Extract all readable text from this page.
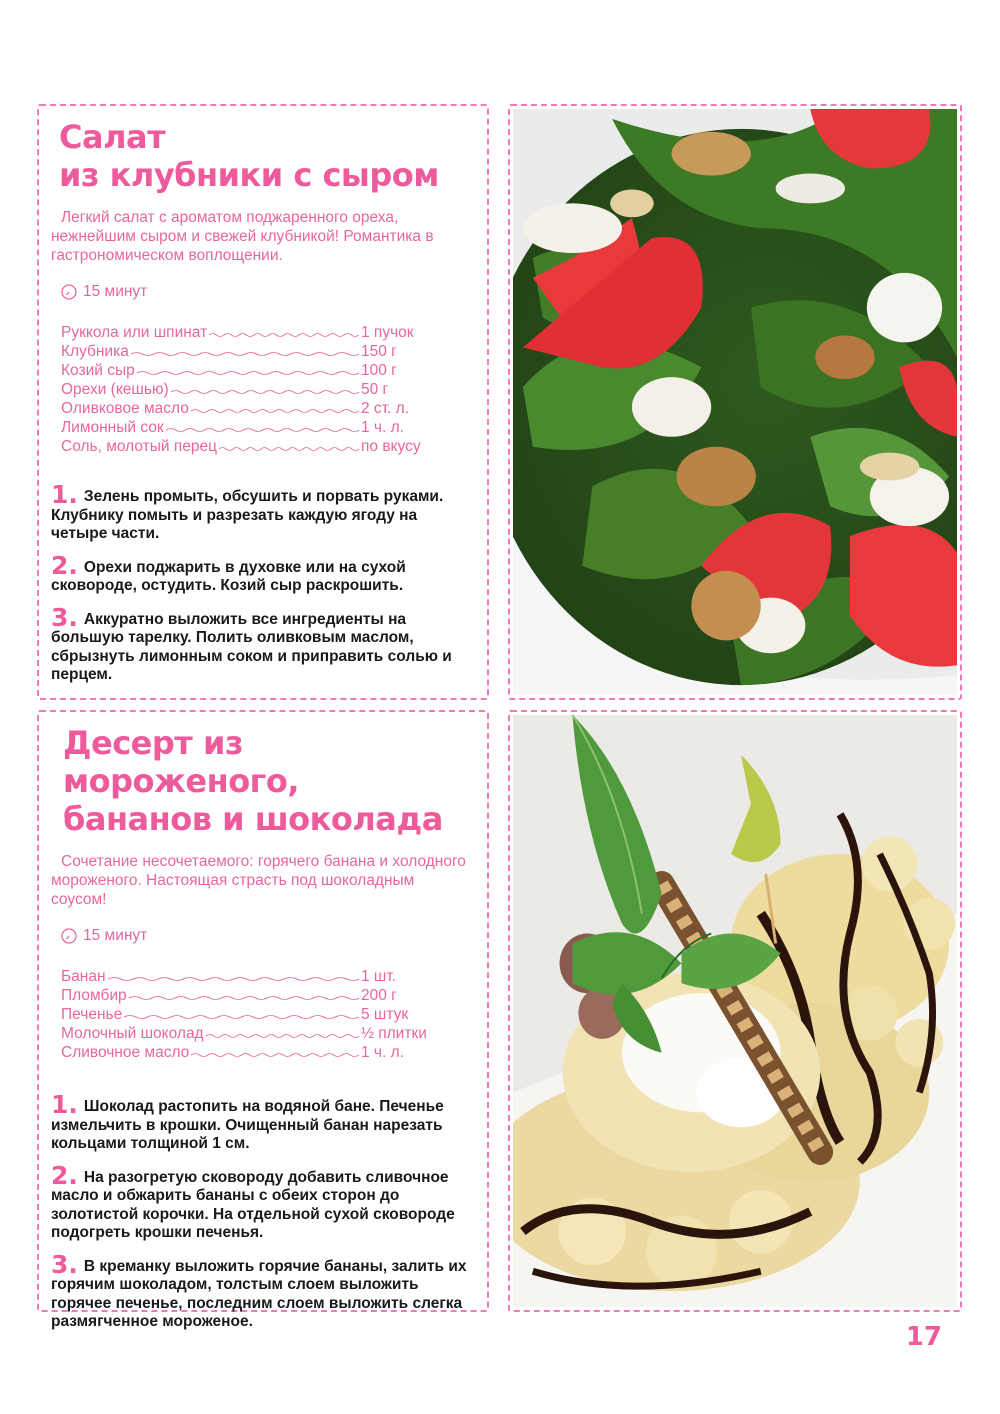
Салат
из клубники с сыром

Легкий салат с ароматом поджаренного ореха, нежнейшим сыром и свежей клубникой! Романтика в гастрономическом воплощении.

15 минут
Руккола или шпинат	1 пучок
Клубника	150 г
Козий сыр	100 г
Орехи (кешью)	50 г
Оливковое масло	2 ст. л.
Лимонный сок	1 ч. л.
Соль, молотый перец	по вкусу
1. Зелень промыть, обсушить и порвать руками. Клубнику помыть и разрезать каждую ягоду на четыре части.
2. Орехи поджарить в духовке или на сухой сковороде, остудить. Козий сыр раскрошить.
3. Аккуратно выложить все ингредиенты на большую тарелку. Полить оливковым маслом, сбрызнуть лимонным соком и приправить солью и перцем.
Десерт из мороженого,
бананов и шоколада

Сочетание несочетаемого: горячего банана и холодного мороженого. Настоящая страсть под шоколадным соусом!

15 минут
Банан	1 шт.
Пломбир	200 г
Печенье	5 штук
Молочный шоколад	½ плитки
Сливочное масло	1 ч. л.
1. Шоколад растопить на водяной бане. Печенье измельчить в крошки. Очищенный банан нарезать кольцами толщиной 1 см.
2. На разогретую сковороду добавить сливочное масло и обжарить бананы с обеих сторон до золотистой корочки. На отдельной сухой сковороде подогреть крошки печенья.
3. В креманку выложить горячие бананы, залить их горячим шоколадом, толстым слоем выложить горячее печенье, последним слоем выложить слегка размягченное мороженое.
17
